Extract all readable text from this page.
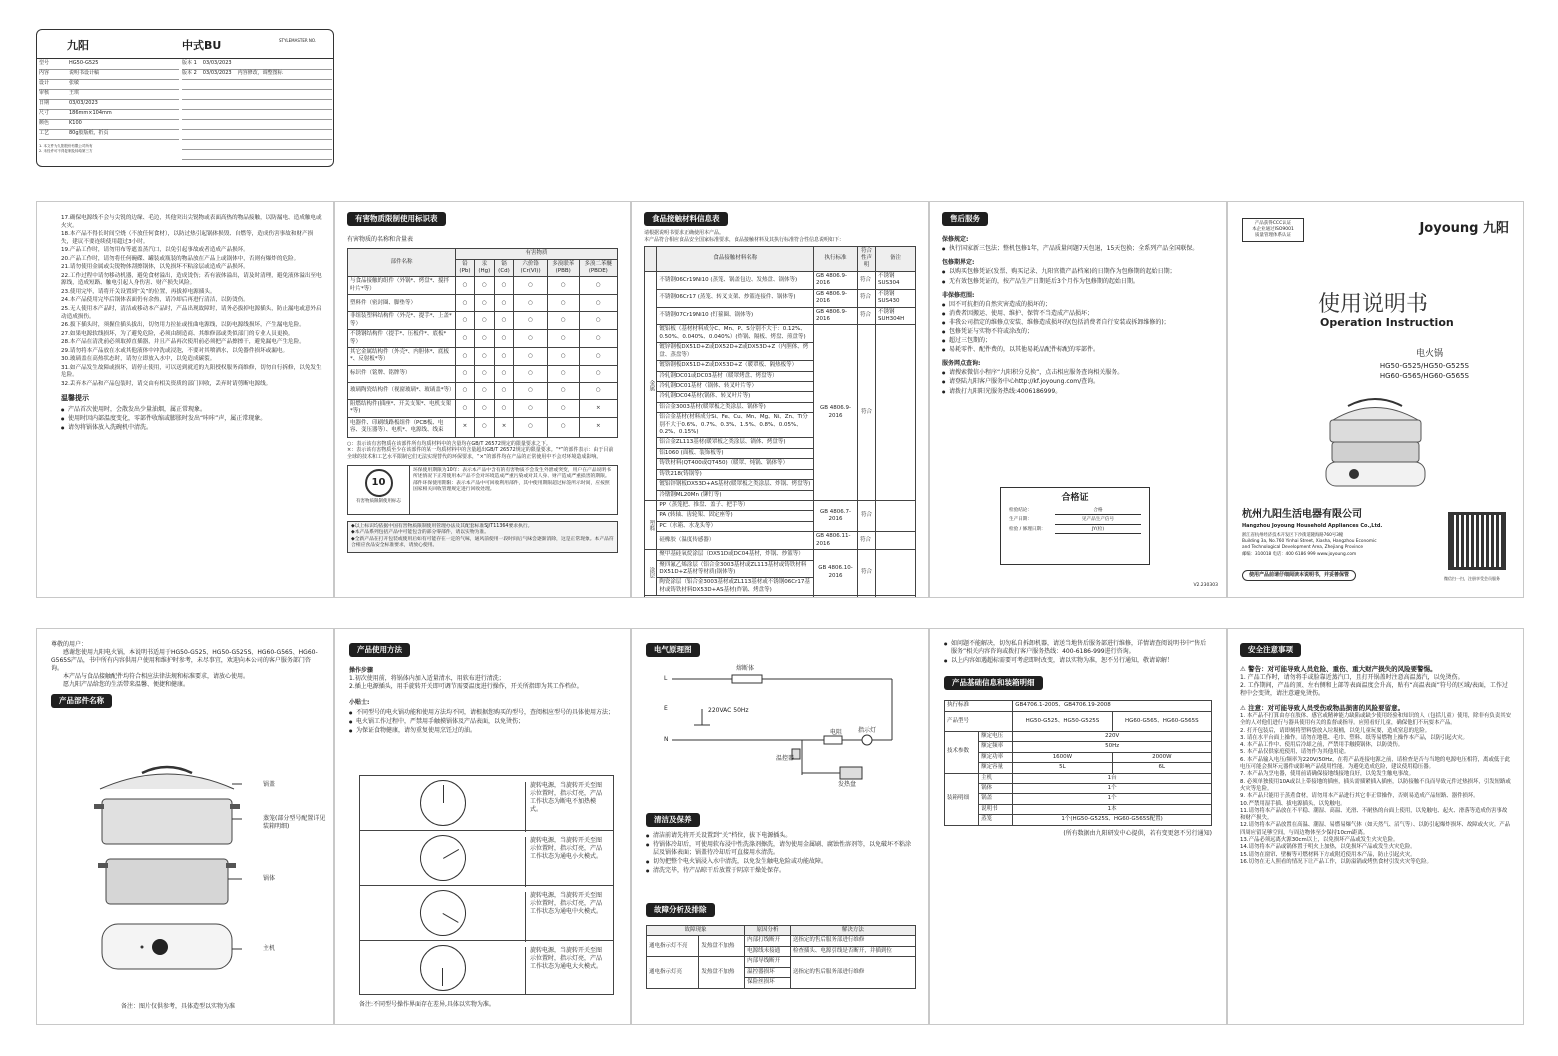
九阳	中式BU	STYLEMASTER NO.
型号	HG50-G525
内容	说明书设计稿
设计	张敏
审核	王琪
日期	03/03/2023
尺寸	186mm×104mm
颜色	K100
工艺	80g胶版纸，折页
1. 本文件为九阳股份有限公司所有
2. 未经许可不得复制及转给第三方
版本 1 03/03/2023
版本 2 03/03/2023 内容修改，调整图标
17.确保电源线不会与尖锐的边缘、毛边，其他突出尖锐物或表面高热的物品接触，以防漏电、造成触电或火灾。
18.本产品不得长时间空烧（不放任何食材），以防过热引起锅体损毁、自燃等，造成伤害事故和财产损失，建议不要连续使用超过3小时。
19.产品工作时，请勿用布等遮盖蒸汽口，以免引起事故或者造成产品损坏。
20.产品工作时，请勿将任何碗碟、罐装或瓶装的物品放在产品上或锅体中，否则有爆炸的危险。
21.请勿使用金属或尖锐物体刮擦锅体，以免损坏不粘涂层或造成产品损坏。
22.工作过程中请勿移动机器，避免食材溢出，造成烫伤；若有液体溢出，请及时清理，避免液体溢出至电源线，造成短路、触电引起人身伤害、财产损失风险。
23.使用完毕，请将开关设置到“关”的位置，再拔掉电源插头。
24.本产品使用完毕后锅体表面仍有余热，请冷却后再进行清洁，以防烫伤。
25.无人使用本产品时，清洁或移动本产品时，产品出现故障时，请务必拔掉电源插头，防止漏电或意外启动造成损伤。
26.拔下插头时，须握住插头拔出，切勿用力拉扯或扭曲电源线，以防电源线损坏，产生漏电危险。
27.如果电源软线损坏，为了避免危险，必须由制造商、其维修部或类似部门的专业人员更换。
28.本产品在清洗前必须取掉直插器，并且产品再次使用前必须把产品擦擦干，避免漏电产生危险。
29.请勿将本产品放在水或其他液体中冲洗或浸泡，不要对其喷洒水，以免器件损坏或漏电。
30.玻璃盖在高热状态时，请勿立即放入水中，以免造成碳裂。
31.如产品发生故障或损坏，请停止使用，可以送到就近的九阳授权服务商维修，切勿自行拆修，以免发生危险。
32.丢弃本产品和产品包装时，请交由有相关资质的部门回收，丢弃时请剪断电源线。
温馨提示
● 产品首次使用时，会散发出少量油烟，属正常现象。
● 使用时因内部温度变化，零部件收缩或膨胀时发出“咔咔”声，属正常现象。
● 请勿将锅体放入洗碗机中清洗。
有害物质限制使用标识表
有害物质的名称和含量表
部件名称	有害物质					
	铅(Pb)	汞(Hg)	镉(Cd)	六价铬(Cr(VI))	多溴联苯(PBB)	多溴二苯醚(PBDE)
与食品接触的组件（外锅*、烤盘*、搅拌叶片*等）	○	○	○	○	○	○
塑料件（密封圈、脚垫等）	○	○	○	○	○	○
非组装塑料结构件（外壳*、提手*、上盖*等）	○	○	○	○	○	○
不锈钢结构件（提手*、压板件*、底板*等）	○	○	○	○	○	○
其它金属结构件（外壳*、内胆体*、底板*、反射板*等）	○	○	○	○	○	○
标识件（铭牌、铭牌等）	○	○	○	○	○	○
玻璃陶瓷结构件（视窗玻璃*、玻璃盖*等）	○	○	○	○	○	○
阻燃结构件(插座*、开关支架*、电机支架*等)	○	○	○	○	○	×
电器件、印刷线路板组件（PCB板、电容、变压器等）、电机*、电源线、线束	×	○	×	○	○	×
○：表示该有害物质在该部件所有均质材料中的含量均在GB/T 26572规定的限量要求之下。
×：表示该有害物质至少在该部件的某一均质材料中的含量超出GB/T 26572规定的限量要求。“*”的部件表示：由于目前全球的技术和工艺水平限制它们无法实现替代的环保要求，“×”的部件均在产品的正常使用中不会对环境造成影响。
10
有害物质限制使用标志
环保使用期限为10年：表示本产品中含有的有害物质不会发生外泄或突变，用户在产品说明书所述情况下正常使用本产品不会对环境造成严重污染或对其人身、财产造成严重损害的期限。部件环保使用期限：表示本产品中可回收利用部件，其中使用期限超过标签所示时间，应按照国家相关回收管理规定进行回收处理。
◆以上标识均依据中国有害物质限制使用管理办法及其配套标准SJ/T11364要求执行。
◆本产品系列包括产品中可能包含的部分零部件，请以实物为准。
◆全新产品在打开包装或使用后如有可能存在一定的气味，通风前使用一段时间后气味会逐渐消除，这是正常现象。本产品符合相应食品安全标准要求，请放心使用。
食品接触材料信息表
请根据说明书要求正确使用本产品。
本产品符合相应食品安全国家标准要求，食品接触材料及其执行标准符合性信息说明如下：
	食品接触材料名称	执行标准	符合性声明	备注
金属	不锈钢06Cr19Ni10 (蒸笼、锅盖包边、发热盘、锅体等)	GB 4806.9-2016	符合	不锈钢SUS304
	不锈钢06Cr17 (蒸笼、转叉支架、炒篮连接件、锅体等)	GB 4806.9-2016	符合	不锈钢SUS430
	不锈钢07Cr19Ni10 (钉箍圈、锅体等)	GB 4806.9-2016	符合	不锈钢SUH304H
	镀铝板（基材材料成分C、Mn、P、S分别不大于：0.12%、0.50%、0.040%、0.040%）(炸锅、隔板、烤盘、煎盘等)	GB 4806.9-2016	符合	
	镀锌钢板DX51D+Z或DX52D+Z或DX53D+Z（内胆体、烤盘、蒸盘等）			
	镀铬钢板DX51D+Z或DX53D+Z（暖罩板、隔热板等）			
	冷轧钢DC01或DC03基材（暖罩烤盘、烤盘等）			
	冷轧钢DC01基材（锅体、转叉叶片等）			
	冷轧钢DC04基材(锅体、转叉叶片等)			
	铝合金3003基材(暖罩板之类涂层、锅体等)			
	铝合金基材(材料成分Si、Fe、Cu、Mn、Mg、Ni、Zn、Ti分别不大于0.6%、0.7%、0.3%、1.5%、0.8%、0.05%、0.2%、0.15%)			
	铝合金ZL113基材(暖罩板之类涂层、锅体、烤盘等)			
	铝1060 (面板、装饰板等)			
	铸铁材料(QT400或QT450)（暖罩、炖锅、锅体等）			
	铸铁218(铸锅等)			
	镀铝锌钢板DX53D+AS基材(暖罩板之类涂层、炸锅、烤盘等)			
	冷镦钢ML20Mn (铆钉等)			
塑料	PP（蒸笼把、推盘、盖子、把手等）	GB 4806.7-2016	符合	
	PA (转轴、齿轮架、固定座等)			
	PC（水箱、水龙头等）			
	硅橡胶（温度传感器）	GB 4806.11-2016	符合	
涂层	聚甲基硅氧烷涂层（DX51D或DC04基材，炸锅、炒篮等）	GB 4806.10-2016	符合	
	聚四氟乙烯涂层（铝合金3003基材或ZL113基材或铸铁材料DX51D+Z基材等材质(锅体等)			
	陶瓷涂层（铝合金3003基材或ZL113基材或不锈钢06Cr17基材或铸铁材料DX53D+AS基材(炸锅、烤盘等)			

售后服务
保修规定:
● 执行国家新三包法；整机包修1年，产品质量问题7天包退，15天包换；全系列产品全国联保。
包修期界定:
● 以购买包修凭证(发票、购买记录、九阳官微产品档案)的日期作为包修期的起始日期；
● 无有效包修凭证的，按产品生产日期延后3个月作为包修期的起始日期。
非保修范围:
● 因不可抗拒的自然灾害造成的损坏的；
● 消费者因搬运、使用、维护、保管不当造成产品损坏；
● 非我公司指定的维修点安装、维修造成损坏的(包括消费者自行安装或拆卸维修的)；
● 包修凭证与实物不符或涂改的；
● 超过三包期的；
● 易耗零件、配件费的，以其他易耗品配件标配的零部件。
服务网点查询:
● 请搜索微信小程序“九阳积分兑换”，点击相应服务查询相关服务。
● 请登陆九阳客户服务中心http://kf.joyoung.com/查询。
● 请拨打九阳阳光服务热线:4006186999。
合格证
检验结论：	合格
生产日期：	见产品生产信号
检验 / 修理日期：	JY(检)
V2.230303
产品获得CCC认证
本企业通过ISO9001
质量管理体系认证	Joyoung 九阳
使用说明书
Operation Instruction
电火锅
HG50-G525/HG50-G525S
HG60-G565/HG60-G565S
杭州九阳生活电器有限公司
Hangzhou Joyoung Household Appliances Co.,Ltd.
浙江省杭州经济技术开发区下沙街道隆海路760号3幢
Building 3a, No.760 Yinhai Street, Xiasha, Hangzhou Economic
and Technological Development Area, Zhejiang Province
邮编：310018 电话：400 6186 999 www.joyoung.com
使用产品前请仔细阅读本说明书，并妥善保管
微信扫一扫，注册享受会员服务
尊敬的用户：
感谢您使用九阳电火锅，本说明书适用于HG50-G525、HG50-G525S、HG60-G565、HG60-G565S产品，书中所有内容供用户使用和维护时参考，未尽事宜，欢迎向本公司的客户服务部门咨询。
本产品与食品接触配件均符合相应法律法规和标准要求，请放心使用。
愿九阳产品给您的生活带来温馨、便捷和健康。
产品部件名称
锅盖
蒸笼(部分型号配置详见装箱明细)
锅体
主机
备注：图片仅供参考，具体造型以实物为准
产品使用方法
操作步骤
1.初次使用前，将锅体内加入适量清水，用软布进行清洗；
2.插上电源插头，用手旋转开关即可调节需要温度进行操作，开关所指即为其工作档位。
小贴士:
● 不同型号的电火锅功能和使用方法均不同，请根据您购买的型号，查阅相应型号的具体使用方法；
● 电火锅工作过程中，严禁用手触摸锅体及产品表面，以免烫伤；
● 为保证食物健康，请勿重复使用烹饪过的油。
旋转电源，当旋转开关至图示位置时，指示灯亮，产品工作状态为断电不加热模式。
旋转电源，当旋转开关至图示位置时，指示灯亮，产品工作状态为通电小火模式。
旋转电源，当旋转开关至图示位置时，指示灯亮，产品工作状态为通电中火模式。
旋转电源，当旋转开关至图示位置时，指示灯亮，产品工作状态为通电大火模式。
备注:不同型号操作界面存在差异,具体以实物为准。
电气原理图
熔断体
L
E
N
220VAC 50Hz
电阻	指示灯
温控器
发热盘
清洁及保养
● 清洁前请先将开关设置到“关”档位，拔下电源插头。
● 待锅体冷却后，可使用软布浸中性洗涤剂擦洗，请勿使用金属刷、腐蚀性溶剂等，以免破坏不粘涂层及锅体表面；锅盖待冷却后可直接用水清洗。
● 切勿把整个电火锅浸入水中清洗，以免发生触电危险或功能故障。
● 清洗完毕，待产品晾干后放置于阴凉干燥处保存。
故障分析及排除
故障现象		原因分析	解决方法
通电指示灯不亮	发热盘不加热	内部打线断开	送指定的售后服务部进行维修
		电源线未接通	检查插头、电源引线是否断开，并插到位
通电指示灯亮	发热盘不加热	内部导线断开	送指定的售后服务部进行维修
		温控器损坏	
		保险丝损坏	
● 如问题不能解决，切勿私自拆卸机器，请送当地售后服务部进行维修，详情请查阅说明书中“售后服务”相关内容咨询或拨打客户服务热线：400-6186-999进行咨询。
● 以上内容如遇超标需要可考虑即时改变，请以实物为准，恕不另行通知，敬请谅解！
产品基础信息和装箱明细
执行标准		GB4706.1-2005、GB4706.19-2008	
产品型号		HG50-G525、HG50-G525S	HG60-G565、HG60-G565S
技术参数	额定电压	220V	
	额定频率	50Hz	
	额定功率	1600W	2000W
	额定容量	5L	6L
装箱明细	主机	1台	
	锅体	1个	
	锅盖	1个	
	说明书	1本	
	蒸笼	1个(HG50-G525S、HG60-G565S配置)	
(所有数据由九阳研发中心提供，若有变更恕不另行通知)
安全注意事项
⚠ 警告：对可能导致人员危险、重伤、重大财产损失的风险要警惕。
1. 产品工作时，请勿将手或脸靠近蒸汽口，且打开锅盖时注意高温蒸汽，以免烫伤。
2. 工作期间，产品的顶、左右侧和上部等表面温度会升高，贴有“高温表面”符号的区域/表面，工作过程中会变烫，请注意避免烫伤。
⚠ 注意：对可能导致人员受伤或物品损害的风险要留意。
1. 本产品不打算由存在肢体、感官或精神能力缺陷或缺少使用经验和知识的人（包括儿童）使用，除非有负责其安全的人对他们进行与器具使用有关的监督或指导。应照看好儿童，确保他们不玩耍本产品。
2. 打开包装后，请即刻将塑料袋放入垃圾桶，以免儿童玩耍，造成窒息的危险。
3. 请在水平台面上操作。请勿在地毯、毛巾、塑料、纸等易燃物上操作本产品，以防引起火灾。
4. 本产品工作中、使用后冷却之前，严禁用手触摸锅体，以防烫伤。
5. 本产品仅供家庭使用，请勿作为其他用途。
6. 本产品输入电压/频率为220V/50Hz，在将产品连接电源之前，请检查是否与当地的电源电压相符，离或低于此电压可能会损坏元器件或影响产品使用性能。为避免造成危险，建议使用稳压器。
7. 本产品为烹电器，使用前请确保接地线接地良好，以免发生触电事故。
8. 必须单独使用10A或以上带接地的插座，插头需插紧插入插座，以防接触不良而导致元件过热损坏，引发短路或火灾等危险。
9. 本产品只能用于蒸煮食材，请勿用本产品进行其它非正常操作，否则易造成产品短路、器件损坏。
10.严禁用湿手插、拔电源插头，以免触电。
11.请勿将本产品放在不平稳、潮湿、高温、光滑、不耐热的台面上使用，以免触电、起火、滑落等造成伤害事故和财产损失。
12.请勿将本产品放置在高温、潮湿、易燃易爆气体（如天然气、沼气等）、以防引起爆炸损坏、故障或火灾。产品四周应留足够空间，与周边物体至少保持10cm距离。
13.产品必须远离火源30cm以上，以免损坏产品或发生火灾危险。
14.请勿将本产品或锅体置于明火上加热，以免损坏产品或发生火灾危险。
15.请勿在窗帘、壁橱等可燃材料下方或附近使用本产品，防止引起火灾。
16.切勿在无人照看的情况下让产品工作，以防溢锅或烤焦食材引发火灾等危险。
